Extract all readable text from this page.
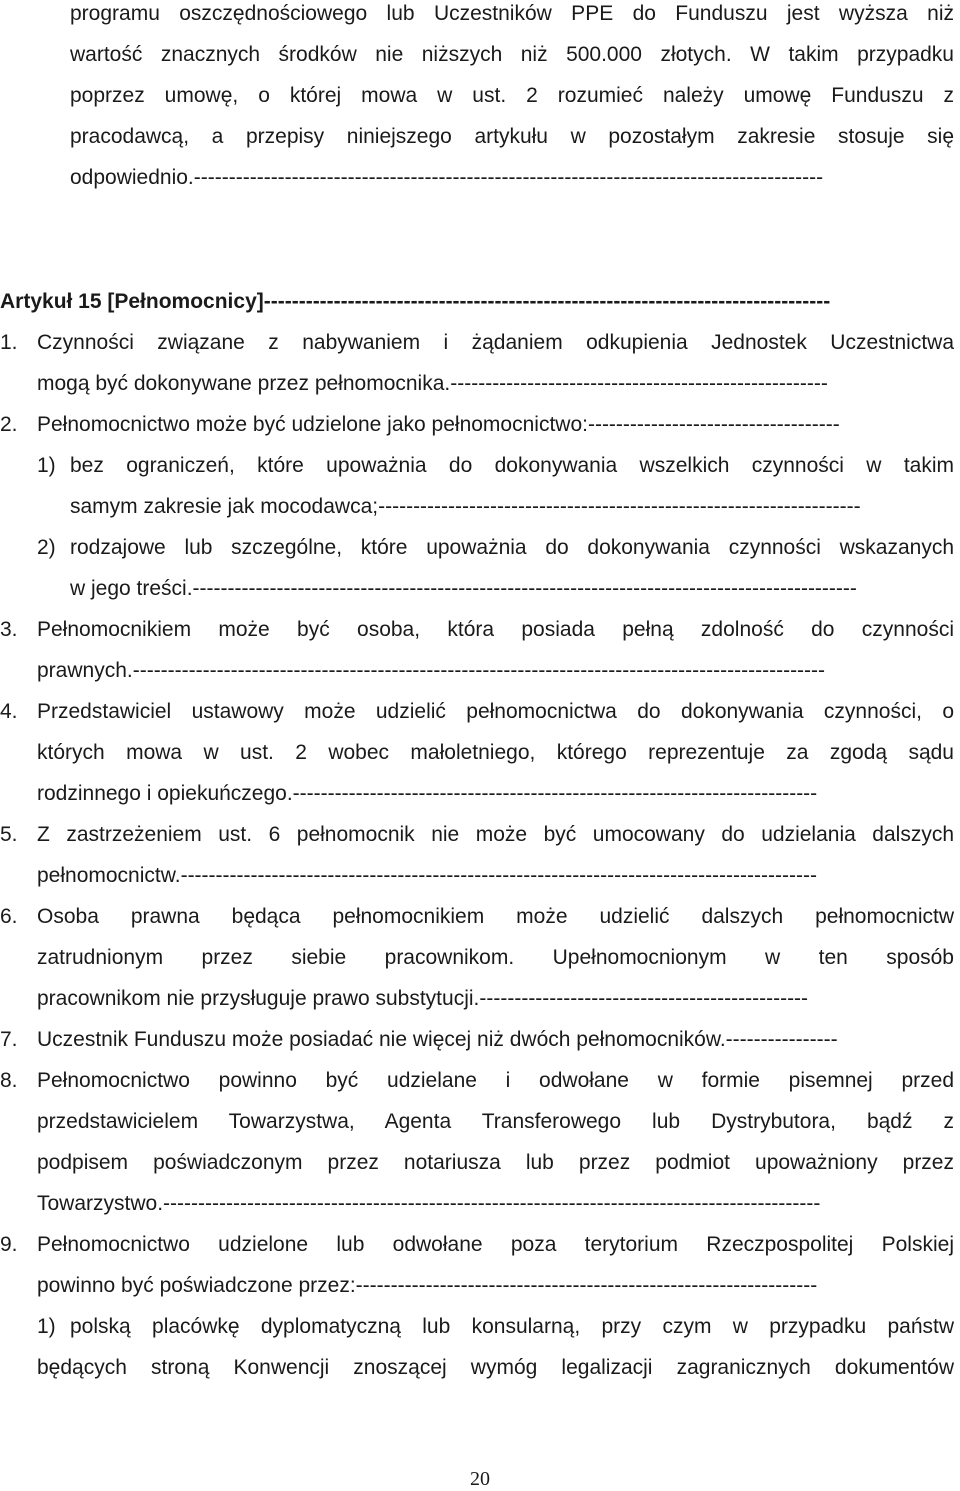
programu oszczędnościowego lub Uczestników PPE do Funduszu jest wyższa niż
wartość znacznych środków nie niższych niż 500.000 złotych. W takim przypadku
poprzez umowę, o której mowa w ust. 2 rozumieć należy umowę Funduszu z
pracodawcą, a przepisy niniejszego artykułu w pozostałym zakresie stosuje się
odpowiednio.------------------------------------------------------------------------------------------
Artykuł 15 [Pełnomocnicy]---------------------------------------------------------------------------------
1. Czynności związane z nabywaniem i żądaniem odkupienia Jednostek Uczestnictwa
mogą być dokonywane przez pełnomocnika.------------------------------------------------------
2. Pełnomocnictwo może być udzielone jako pełnomocnictwo:------------------------------------
1) bez ograniczeń, które upoważnia do dokonywania wszelkich czynności w takim
samym zakresie jak mocodawca;---------------------------------------------------------------------
2) rodzajowe lub szczególne, które upoważnia do dokonywania czynności wskazanych
w jego treści.-----------------------------------------------------------------------------------------------
3. Pełnomocnikiem może być osoba, która posiada pełną zdolność do czynności
prawnych.---------------------------------------------------------------------------------------------------
4. Przedstawiciel ustawowy może udzielić pełnomocnictwa do dokonywania czynności, o
których mowa w ust. 2 wobec małoletniego, którego reprezentuje za zgodą sądu
rodzinnego i opiekuńczego.---------------------------------------------------------------------------
5. Z zastrzeżeniem ust. 6 pełnomocnik nie może być umocowany do udzielania dalszych
pełnomocnictw.-------------------------------------------------------------------------------------------
6. Osoba prawna będąca pełnomocnikiem może udzielić dalszych pełnomocnictw
zatrudnionym przez siebie pracownikom. Upełnomocnionym w ten sposób
pracownikom nie przysługuje prawo substytucji.-----------------------------------------------
7. Uczestnik Funduszu może posiadać nie więcej niż dwóch pełnomocników.----------------
8. Pełnomocnictwo powinno być udzielane i odwołane w formie pisemnej przed
przedstawicielem Towarzystwa, Agenta Transferowego lub Dystrybutora, bądź z
podpisem poświadczonym przez notariusza lub przez podmiot upoważniony przez
Towarzystwo.----------------------------------------------------------------------------------------------
9. Pełnomocnictwo udzielone lub odwołane poza terytorium Rzeczpospolitej Polskiej
powinno być poświadczone przez:------------------------------------------------------------------
1) polską placówkę dyplomatyczną lub konsularną, przy czym w przypadku państw
będących stroną Konwencji znoszącej wymóg legalizacji zagranicznych dokumentów
20
